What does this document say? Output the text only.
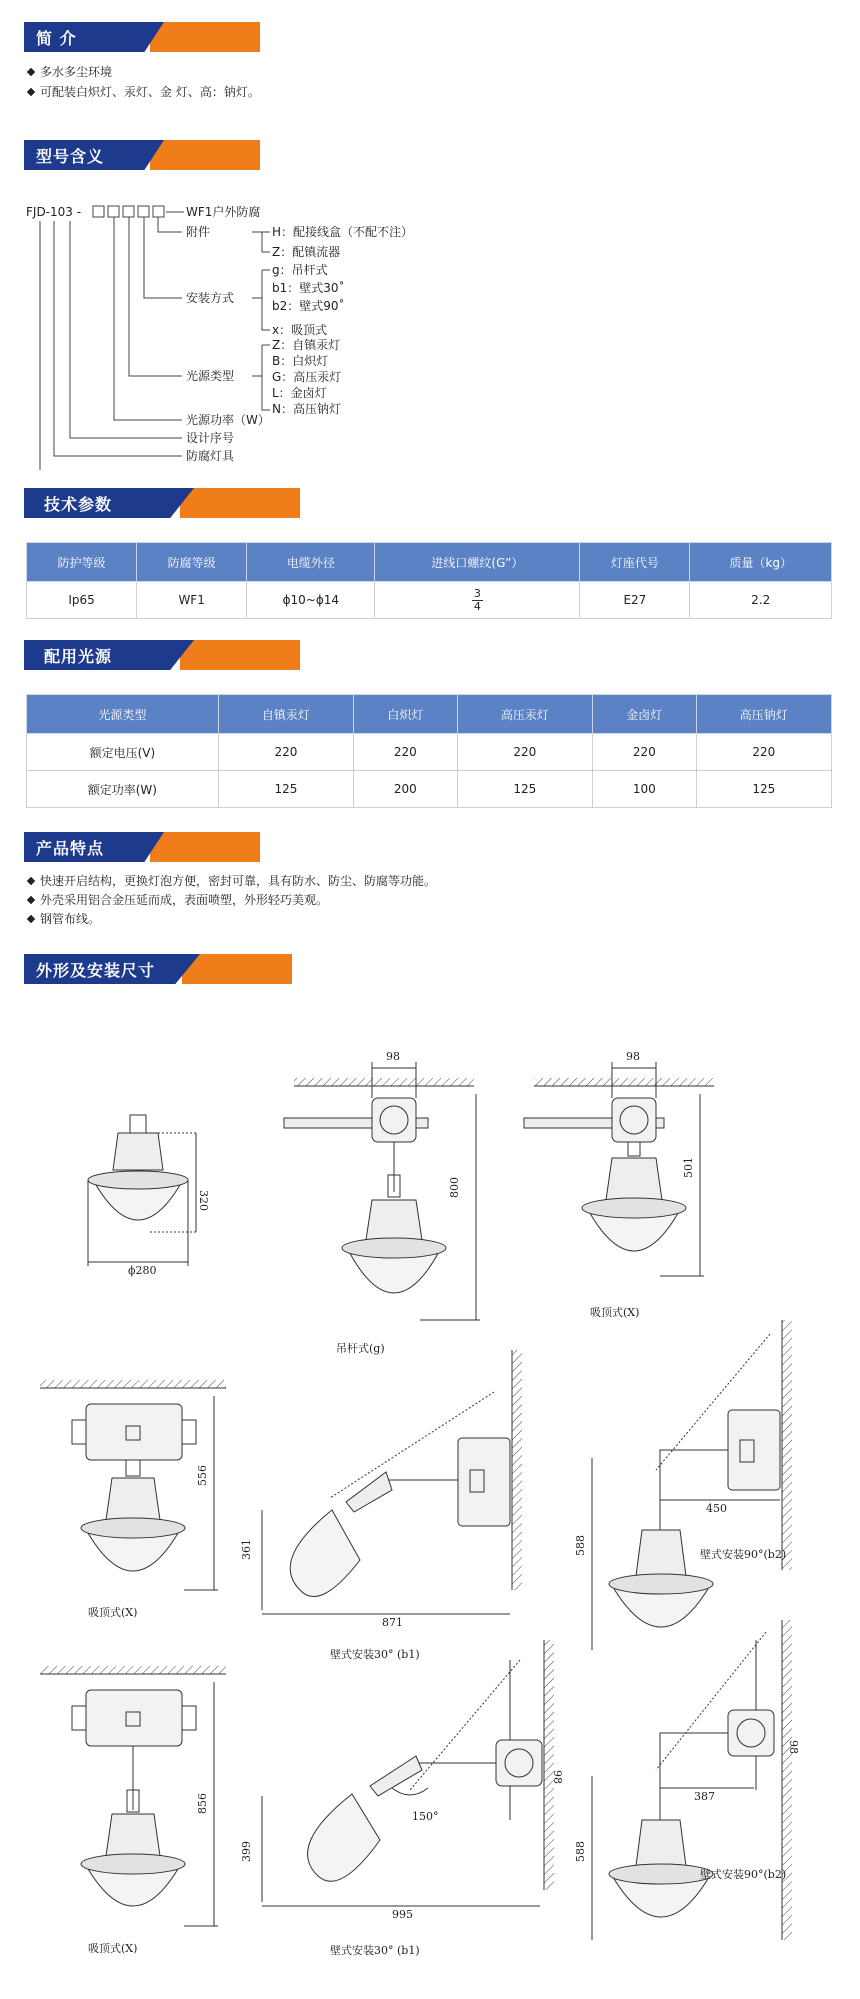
简 介
多水多尘环境
可配装白炽灯、汞灯、金 灯、高：钠灯。
型号含义
FJD-103 -	WF1户外防腐
附件	H：配接线盒（不配不注）
Z：配镇流器
安装方式
g：吊杆式
b1：壁式30˚
b2：壁式90˚
x：吸顶式
光源类型
Z：自镇汞灯
B：白炽灯
G：高压汞灯
L：金卤灯
N：高压钠灯
光源功率（W）
设计序号
防腐灯具
技术参数
防护等级	防腐等级	电缆外径	进线口螺纹(G”）	灯座代号	质量（kg）
Ip65	WF1	ϕ10~ϕ14	$\frac{3}{4}$	E27	2.2
配用光源
光源类型	自镇汞灯	白炽灯	高压汞灯	金卤灯	高压钠灯
额定电压(V)	220	220	220	220	220
额定功率(W)	125	200	125	100	125
产品特点
快速开启结构，更换灯泡方便，密封可靠，具有防水、防尘、防腐等功能。
外壳采用铝合金压延而成，表面喷塑，外形轻巧美观。
钢管布线。
外形及安装尺寸
320
ϕ280
98
800
吊杆式(g)
98
501
吸顶式(X)
556
吸顶式(X)
361
871
壁式安装30° (b1)
450
588	壁式安装90°(b2)
856
吸顶式(X)
399
995
150°
98
壁式安装30° (b1)
387
588
98
壁式安装90°(b2)
